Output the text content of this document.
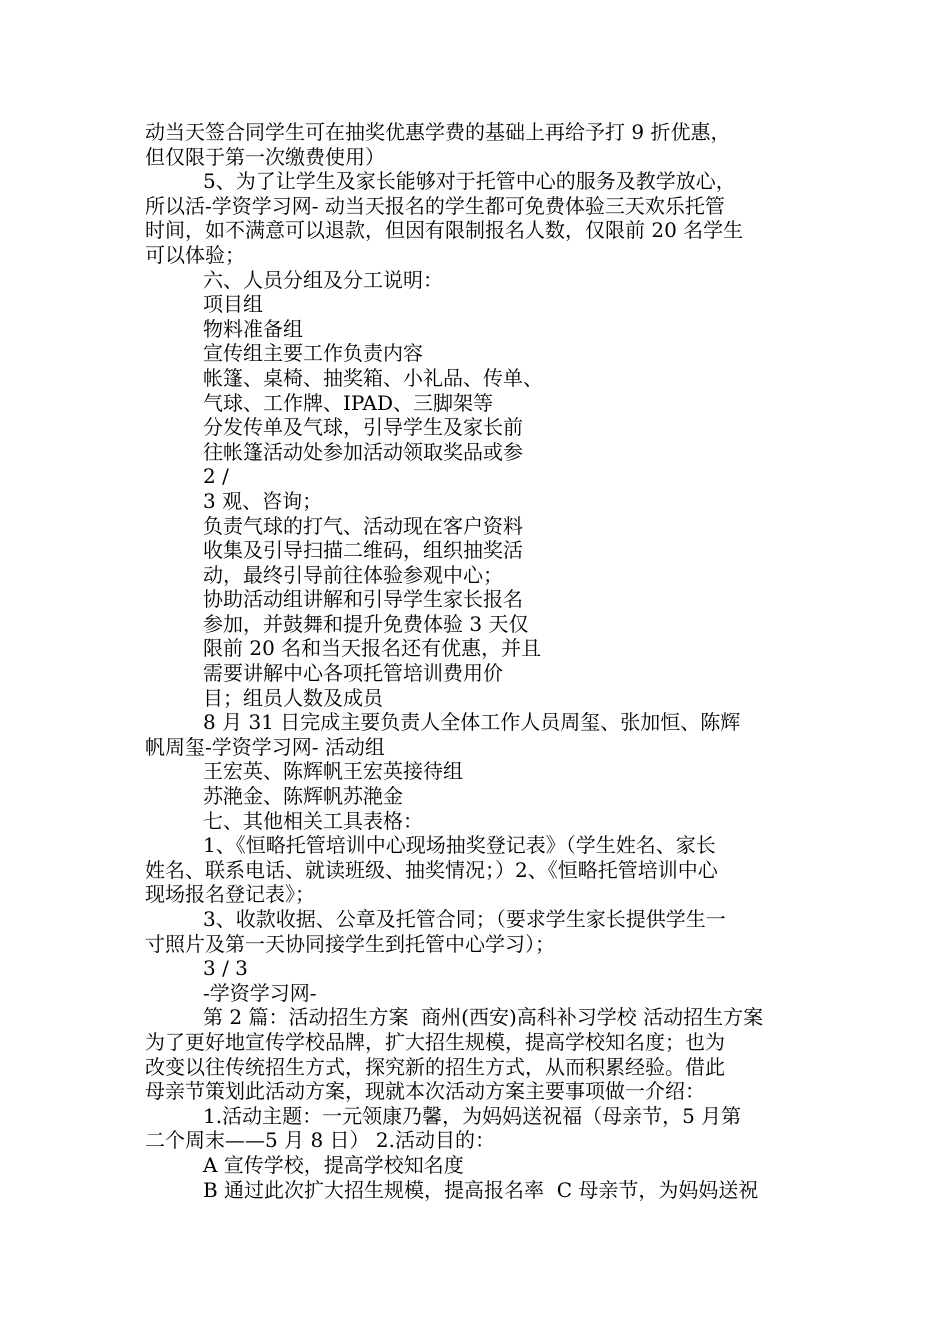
动当天签合同学生可在抽奖优惠学费的基础上再给予打 9 折优惠，
但仅限于第一次缴费使用）
5、为了让学生及家长能够对于托管中心的服务及教学放心，
所以活-学资学习网- 动当天报名的学生都可免费体验三天欢乐托管
时间，如不满意可以退款，但因有限制报名人数，仅限前 20 名学生
可以体验；
六、人员分组及分工说明：
项目组
物料准备组
宣传组主要工作负责内容
帐篷、桌椅、抽奖箱、小礼品、传单、
气球、工作牌、IPAD、三脚架等
分发传单及气球，引导学生及家长前
往帐篷活动处参加活动领取奖品或参
2 /
3 观、咨询；
负责气球的打气、活动现在客户资料
收集及引导扫描二维码，组织抽奖活
动，最终引导前往体验参观中心；
协助活动组讲解和引导学生家长报名
参加，并鼓舞和提升免费体验 3 天仅
限前 20 名和当天报名还有优惠，并且
需要讲解中心各项托管培训费用价
目；组员人数及成员
8 月 31 日完成主要负责人全体工作人员周玺、张加恒、陈辉
帆周玺-学资学习网- 活动组
王宏英、陈辉帆王宏英接待组
苏滟金、陈辉帆苏滟金
七、其他相关工具表格：
1、《恒略托管培训中心现场抽奖登记表》（学生姓名、家长
姓名、联系电话、就读班级、抽奖情况；）2、《恒略托管培训中心
现场报名登记表》；
3、收款收据、公章及托管合同；（要求学生家长提供学生一
寸照片及第一天协同接学生到托管中心学习）；
3 / 3
-学资学习网-
第 2 篇：活动招生方案  商州(西安)高科补习学校 活动招生方案
为了更好地宣传学校品牌，扩大招生规模，提高学校知名度；也为
改变以往传统招生方式，探究新的招生方式，从而积累经验。借此
母亲节策划此活动方案，现就本次活动方案主要事项做一介绍：
1.活动主题：一元领康乃馨，为妈妈送祝福（母亲节，5 月第
二个周末——5 月 8 日） 2.活动目的：
A 宣传学校，提高学校知名度
B 通过此次扩大招生规模，提高报名率  C 母亲节，为妈妈送祝
